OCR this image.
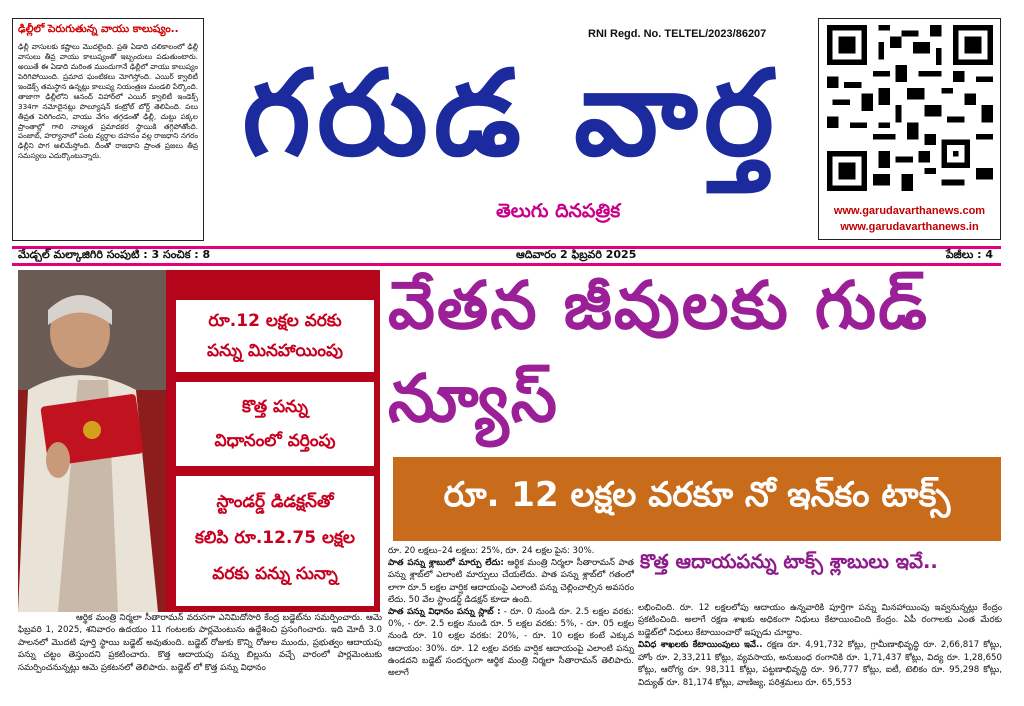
ఢిల్లీలో పెరుగుతున్న వాయు కాలుష్యం..
ఢిల్లీ వాసులకు కష్టాలు మొదలైంది. ప్రతి ఏడాది చలికాలంలో ఢిల్లీ వాసులు తీవ్ర వాయు కాలుష్యంతో ఇబ్బందులు పడుతుంటారు. అయితే ఈ ఏడాది మరింత ముందుగానే ఢిల్లీలో వాయు కాలుష్యం పెరిగిపోయింది. ప్రమాద ఘంటికలు మోగిస్తోంది. ఎయిర్ క్వాలిటీ ఇండెక్స్ తమస్థాన ఉన్నట్లు కాలుష్య నియంత్రణ మండలి పేర్కొంది. తాజాగా ఢిల్లీలోని ఆనంద్ విహార్‌లో ఎయిర్ క్వాలిటీ ఇండెక్స్ 334గా నమోదైనట్లు పొల్యూషన్ కంట్రోల్ బోర్డ్ తెలిపింది. పలు తీవ్రత పెరిగిందని, వాయు వేగం తగ్గడంతో ఢిల్లీ, చుట్టు పక్కల ప్రాంతాల్లో గాలి నాణ్యత ప్రమాదకర స్థాయికి తగ్గిపోతోంది. పంజాబ్, హర్యానాలో పంట వ్యర్థాల దహనం వల్ల రాజధాని నగరం ఢిల్లీని పొగ అలిమేస్తోంది. దీంతో రాజధాని ప్రాంత ప్రజలు తీవ్ర సమస్యలు ఎదుర్కొంటున్నారు.
RNI Regd. No. TELTEL/2023/86207
గరుడ వార్త
తెలుగు దినపత్రిక	www.garudavarthanews.com
www.garudavarthanews.in
మేడ్చల్ మల్కాజిగిరి సంపుటి : 3 సంచిక : 8	ఆదివారం 2 ఫిబ్రవరి 2025	పేజీలు : 4
రూ.12 లక్షల వరకు
పన్ను మినహాయింపు
కొత్త పన్ను
విధానంలో వర్తింపు
స్టాండర్డ్ డిడక్షన్‌తో
కలిపి రూ.12.75 లక్షల
వరకు పన్ను సున్నా
వేతన జీవులకు గుడ్ న్యూస్
రూ. 12 లక్షల వరకూ నో ఇన్‌కం టాక్స్

రూ. 20 లక్షలు–24 లక్షలు: 25%, రూ. 24 లక్షల పైన: 30%.

పాత పన్ను శ్లాబులో మార్పు లేదు: ఆర్థిక మంత్రి నిర్మలా సీతారామన్ పాత పన్ను శ్లాబ్‌లో ఎలాంటి మార్పులు చేయలేదు. పాత పన్ను శ్లాబ్‌లో గతంలో లాగా రూ.5 లక్షల వార్షిక ఆదాయంపై ఎలాంటి పన్ను చెల్లించాల్సిన అవసరం లేదు. 50 వేల స్టాండర్డ్ డిడక్షన్ కూడా ఉంది.

పాత పన్ను విధానం పన్ను స్లాబ్ : - రూ. 0 నుండి రూ. 2.5 లక్షల వరకు: 0%, - రూ. 2.5 లక్షల నుండి రూ. 5 లక్షల వరకు: 5%, - రూ. 05 లక్షల నుండి రూ. 10 లక్షల వరకు: 20%, - రూ. 10 లక్షల కంటే ఎక్కువ ఆదాయం: 30%. రూ. 12 లక్షల వరకు వార్షిక ఆదాయంపై ఎలాంటి పన్ను ఉండదని బడ్జెట్ సందర్భంగా ఆర్థిక మంత్రి నిర్మలా సీతారామన్ తెలిపారు. అలాగే

కొత్త ఆదాయపన్ను టాక్స్ శ్లాబులు ఇవే..
లభించింది. రూ. 12 లక్షలలోపు ఆదాయం ఉన్నవారికి పూర్తిగా పన్ను మినహాయింపు ఇవ్వనున్నట్లు కేంద్రం ప్రకటించింది. అలాగే రక్షణ శాఖకు అధికంగా నిధులు కేటాయించింది కేంద్రం. ఏపీ రంగాలకు ఎంత మేరకు బడ్జెట్‌లో నిధులు కేటాయించారో ఇప్పుడు చూద్దాం.
వివిధ శాఖలకు కేటాయింపులు ఇవే.. రక్షణ రూ. 4,91,732 కోట్లు, గ్రామీణాభివృద్ధి రూ. 2,66,817 కోట్లు, హోం రూ. 2,33,211 కోట్లు, వ్యవసాయ, అనుబంధ రంగానికి రూ. 1,71,437 కోట్లు, విద్య రూ. 1,28,650 కోట్లు, ఆరోగ్య రూ. 98,311 కోట్లు, పట్టణాభివృద్ధి రూ. 96,777 కోట్లు, ఐటీ, టెలికం రూ. 95,298 కోట్లు, విద్యుత్ రూ. 81,174 కోట్లు, వాణిజ్య, పరిశ్రమలు రూ. 65,553

ఆర్థిక మంత్రి నిర్మలా సీతారామన్ వరుసగా ఎనిమిదోసారి కేంద్ర బడ్జెట్‌ను సమర్పించారు. ఆమె ఫిబ్రవరి 1, 2025, శనివారం ఉదయం 11 గంటలకు పార్లమెంటును ఉద్దేశించి ప్రసంగించారు. ఇది మోదీ 3.0 పాలనలో మొదటి పూర్తి స్థాయి బడ్జెట్ అవుతుంది. బడ్జెట్ రోజుకు కొన్ని రోజుల ముందు, ప్రభుత్వం ఆదాయపు పన్ను చట్టం తెస్తుందని ప్రకటించారు. కొత్త ఆదాయపు పన్ను బిల్లును వచ్చే వారంలో పార్లమెంటుకు సమర్పించనున్నట్లు ఆమె ప్రకటనలో తెలిపారు. బడ్జెట్ లో కొత్త పన్ను విధానం
